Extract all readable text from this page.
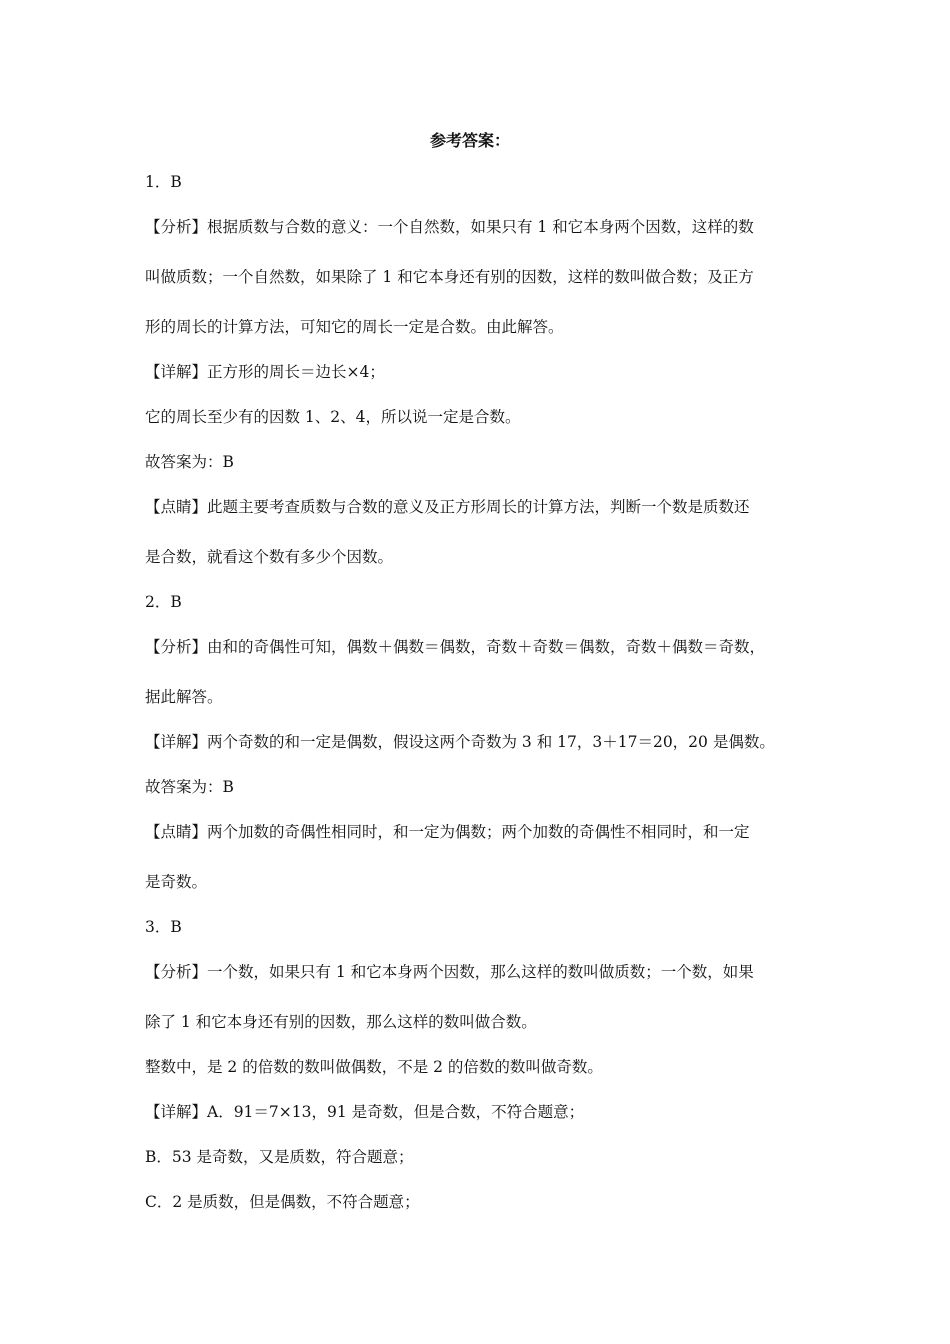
参考答案：
1．B
【分析】根据质数与合数的意义：一个自然数，如果只有 1 和它本身两个因数，这样的数
叫做质数；一个自然数，如果除了 1 和它本身还有别的因数，这样的数叫做合数；及正方
形的周长的计算方法，可知它的周长一定是合数。由此解答。
【详解】正方形的周长＝边长×4；
它的周长至少有的因数 1、2、4，所以说一定是合数。
故答案为：B
【点睛】此题主要考查质数与合数的意义及正方形周长的计算方法，判断一个数是质数还
是合数，就看这个数有多少个因数。
2．B
【分析】由和的奇偶性可知，偶数＋偶数＝偶数，奇数＋奇数＝偶数，奇数＋偶数＝奇数，
据此解答。
【详解】两个奇数的和一定是偶数，假设这两个奇数为 3 和 17，3＋17＝20，20 是偶数。
故答案为：B
【点睛】两个加数的奇偶性相同时，和一定为偶数；两个加数的奇偶性不相同时，和一定
是奇数。
3．B
【分析】一个数，如果只有 1 和它本身两个因数，那么这样的数叫做质数；一个数，如果
除了 1 和它本身还有别的因数，那么这样的数叫做合数。
整数中，是 2 的倍数的数叫做偶数，不是 2 的倍数的数叫做奇数。
【详解】A．91＝7×13，91 是奇数，但是合数，不符合题意；
B．53 是奇数，又是质数，符合题意；
C．2 是质数，但是偶数，不符合题意；
